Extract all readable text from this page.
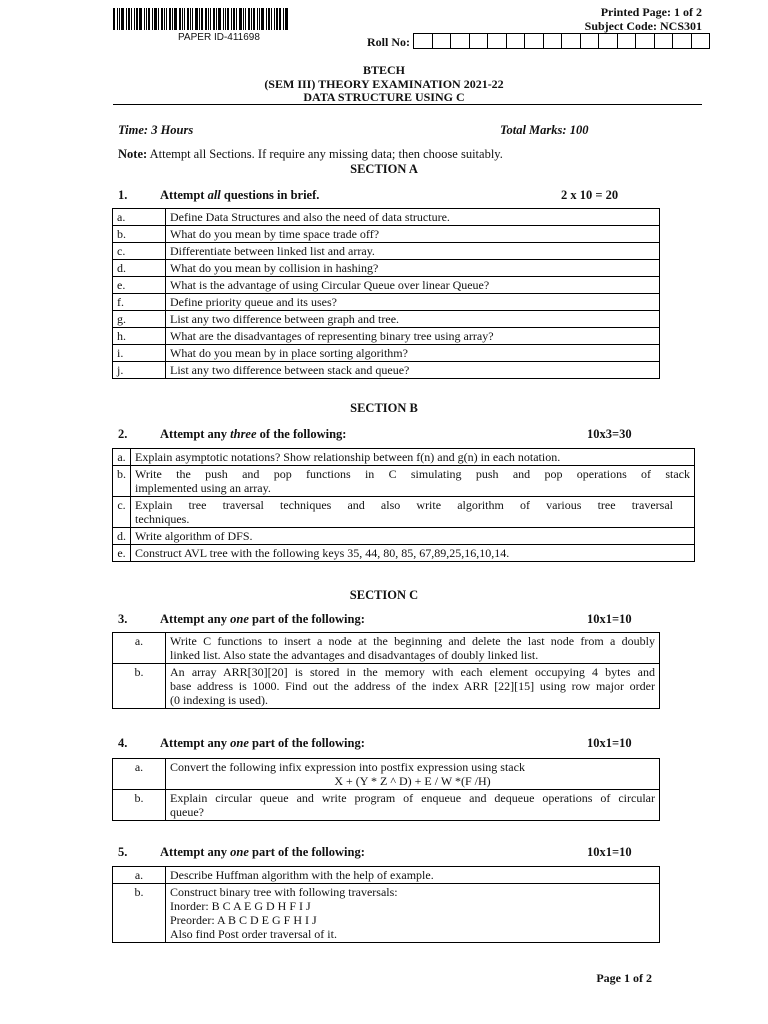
PAPER ID-411698
Printed Page: 1 of 2
Subject Code: NCS301
Roll No:
BTECH
(SEM III) THEORY EXAMINATION 2021-22
DATA STRUCTURE USING C
Time: 3 Hours	Total Marks: 100
Note: Attempt all Sections. If require any missing data; then choose suitably.
SECTION A
1.	Attempt all questions in brief.	2 x 10 = 20
a.	Define Data Structures and also the need of data structure.
b.	What do you mean by time space trade off?
c.	Differentiate between linked list and array.
d.	What do you mean by collision in hashing?
e.	What is the advantage of using Circular Queue over linear Queue?
f.	Define priority queue and its uses?
g.	List any two difference between graph and tree.
h.	What are the disadvantages of representing binary tree using array?
i.	What do you mean by in place sorting algorithm?
j.	List any two difference between stack and queue?
SECTION B
2.	Attempt any three of the following:	10x3=30
a.	Explain asymptotic notations? Show relationship between f(n) and g(n) in each notation.
b.	Write the push and pop functions in C simulating push and pop operations of stack
implemented using an array.

c.	Explain tree traversal techniques and also write algorithm of various tree traversal
techniques.

d.	Write algorithm of DFS.
e.	Construct AVL tree with the following keys 35, 44, 80, 85, 67,89,25,16,10,14.
SECTION C
3.	Attempt any one part of the following:	10x1=10
a.	Write C functions to insert a node at the beginning and delete the last node from a doubly
linked list. Also state the advantages and disadvantages of doubly linked list.

b.	An array ARR[30][20] is stored in the memory with each element occupying 4 bytes and
base address is 1000. Find out the address of the index ARR [22][15] using row major order
(0 indexing is used).
4.	Attempt any one part of the following:	10x1=10
a.	Convert the following infix expression into postfix expression using stack
X + (Y * Z ^ D) + E / W *(F /H)

b.	Explain circular queue and write program of enqueue and dequeue operations of circular
queue?
5.	Attempt any one part of the following:	10x1=10
a.	Describe Huffman algorithm with the help of example.
b.	Construct binary tree with following traversals:
Inorder: B C A E G D H F I J
Preorder: A B C D E G F H I J
Also find Post order traversal of it.
Page 1 of 2
